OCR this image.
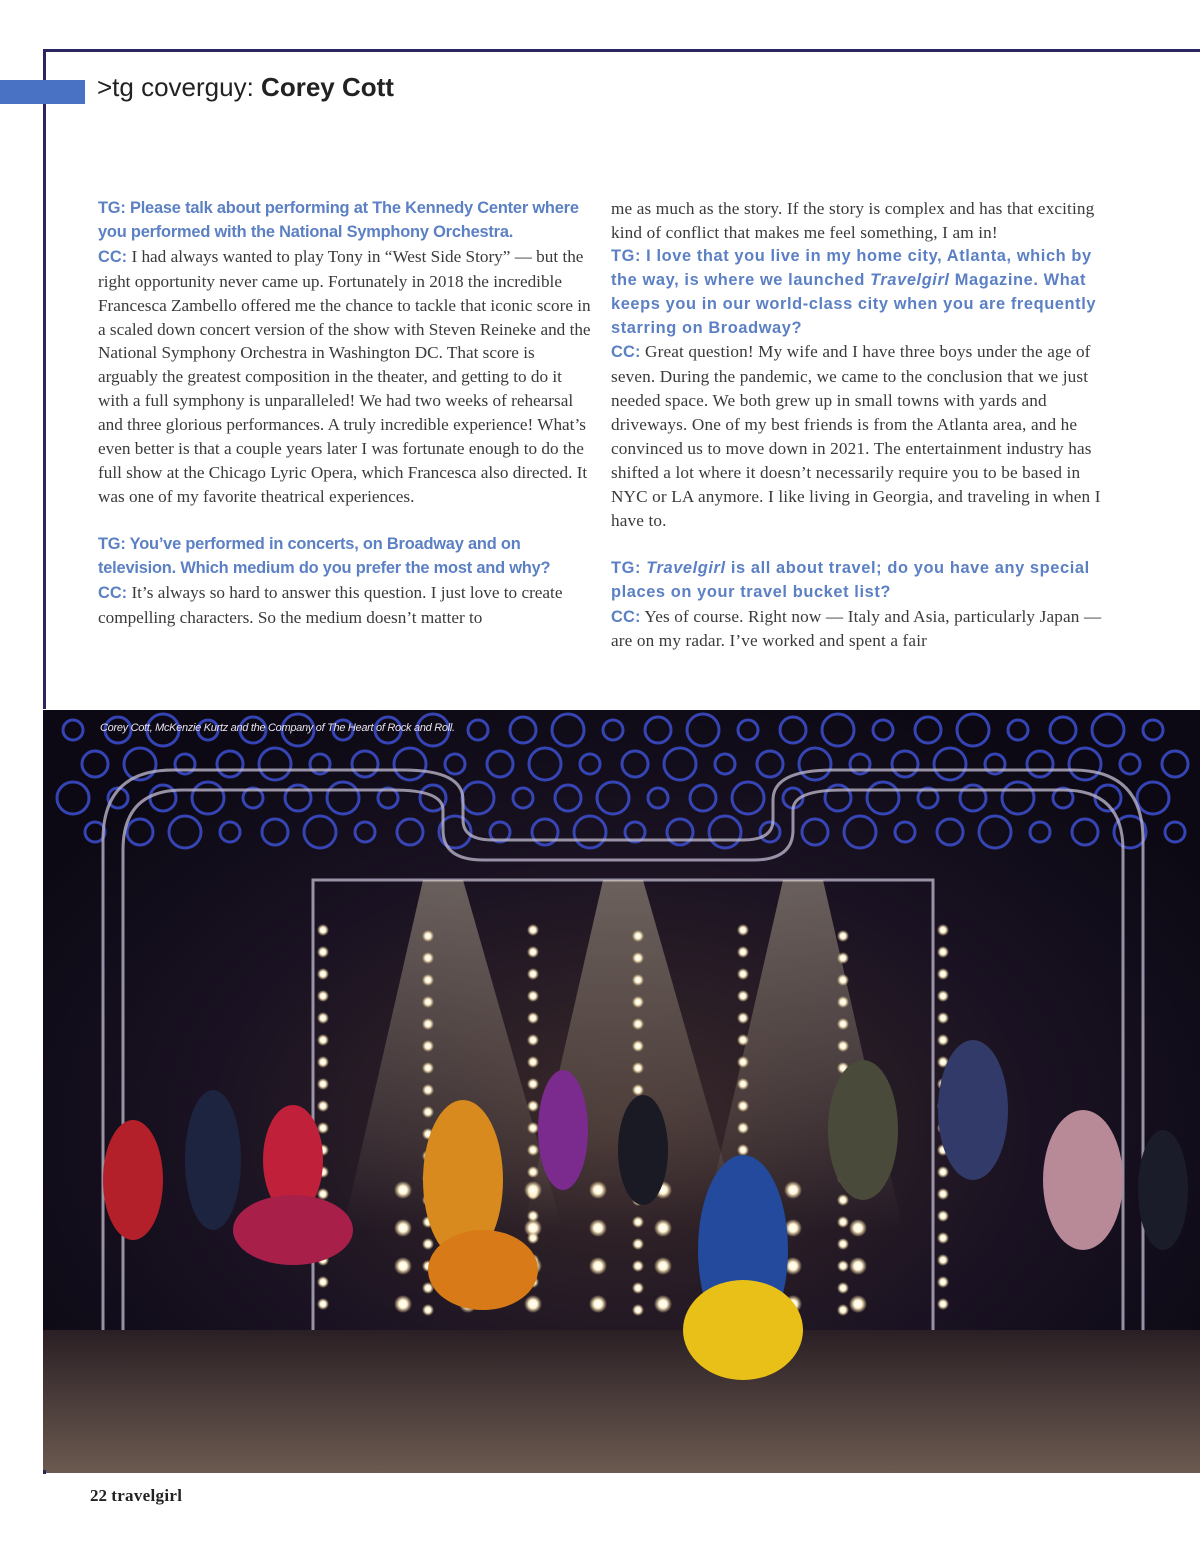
>tg coverguy: Corey Cott
TG: Please talk about performing at The Kennedy Center where you performed with the National Symphony Orchestra.

CC: I had always wanted to play Tony in “West Side Story” — but the right opportunity never came up. Fortunately in 2018 the incredible Francesca Zambello offered me the chance to tackle that iconic score in a scaled down concert version of the show with Steven Reineke and the National Symphony Orchestra in Washington DC. That score is arguably the greatest composition in the theater, and getting to do it with a full symphony is unparalleled! We had two weeks of rehearsal and three glorious performances. A truly incredible experience! What’s even better is that a couple years later I was fortunate enough to do the full show at the Chicago Lyric Opera, which Francesca also directed. It was one of my favorite theatrical experiences.

TG: You’ve performed in concerts, on Broadway and on television. Which medium do you prefer the most and why?

CC: It’s always so hard to answer this question. I just love to create compelling characters. So the medium doesn’t matter to

me as much as the story. If the story is complex and has that exciting kind of conflict that makes me feel something, I am in!

TG: I love that you live in my home city, Atlanta, which by the way, is where we launched Travelgirl Magazine. What keeps you in our world-class city when you are frequently starring on Broadway?

CC: Great question! My wife and I have three boys under the age of seven. During the pandemic, we came to the conclusion that we just needed space. We both grew up in small towns with yards and driveways. One of my best friends is from the Atlanta area, and he convinced us to move down in 2021. The entertainment industry has shifted a lot where it doesn’t necessarily require you to be based in NYC or LA anymore. I like living in Georgia, and traveling in when I have to.

TG: Travelgirl is all about travel; do you have any special places on your travel bucket list?

CC: Yes of course. Right now — Italy and Asia, particularly Japan — are on my radar. I’ve worked and spent a fair

Corey Cott, McKenzie Kurtz and the Company of The Heart of Rock and Roll.
22 travelgirl
